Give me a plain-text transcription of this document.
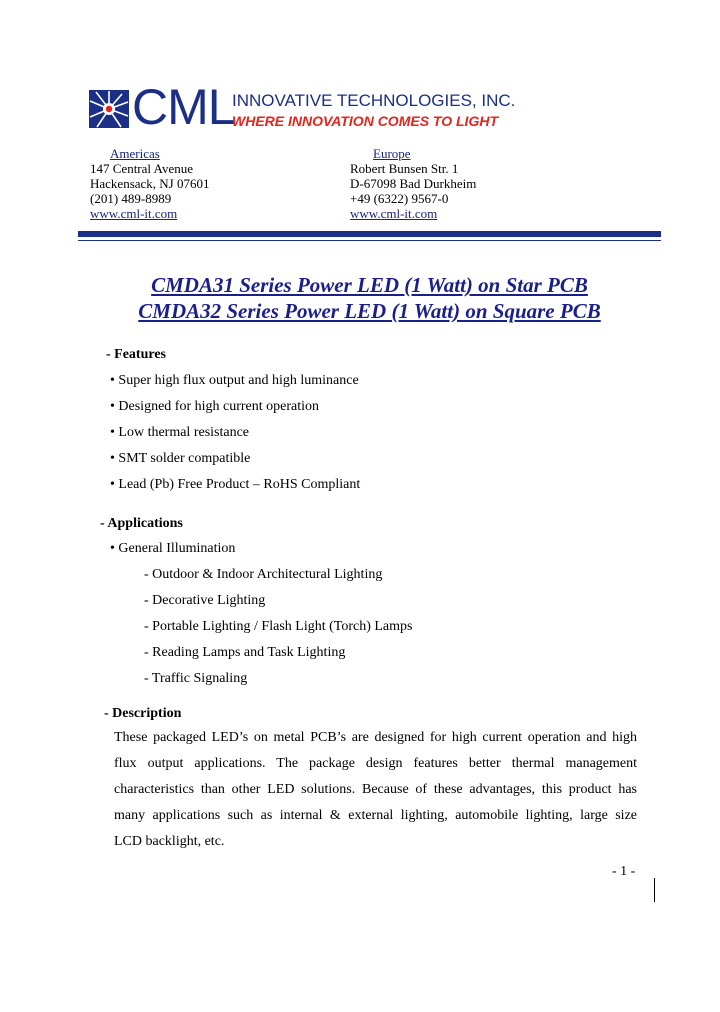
CML
INNOVATIVE TECHNOLOGIES, INC.
WHERE INNOVATION COMES TO LIGHT
Americas
147 Central Avenue
Hackensack, NJ 07601
(201) 489-8989
www.cml-it.com
Europe
Robert Bunsen Str. 1
D-67098 Bad Durkheim
+49 (6322) 9567-0
www.cml-it.com
CMDA31 Series Power LED (1 Watt) on Star PCB
CMDA32 Series Power LED (1 Watt) on Square PCB
- Features
• Super high flux output and high luminance
• Designed for high current operation
• Low thermal resistance
• SMT solder compatible
• Lead (Pb) Free Product – RoHS Compliant
- Applications
• General Illumination
- Outdoor & Indoor Architectural Lighting
- Decorative Lighting
- Portable Lighting / Flash Light (Torch) Lamps
- Reading Lamps and Task Lighting
- Traffic Signaling
- Description
These packaged LED’s on metal PCB’s are designed for high current operation and high
flux output applications. The package design features better thermal management
characteristics than other LED solutions. Because of these advantages, this product has
many applications such as internal & external lighting, automobile lighting, large size
LCD backlight, etc.
- 1 -
